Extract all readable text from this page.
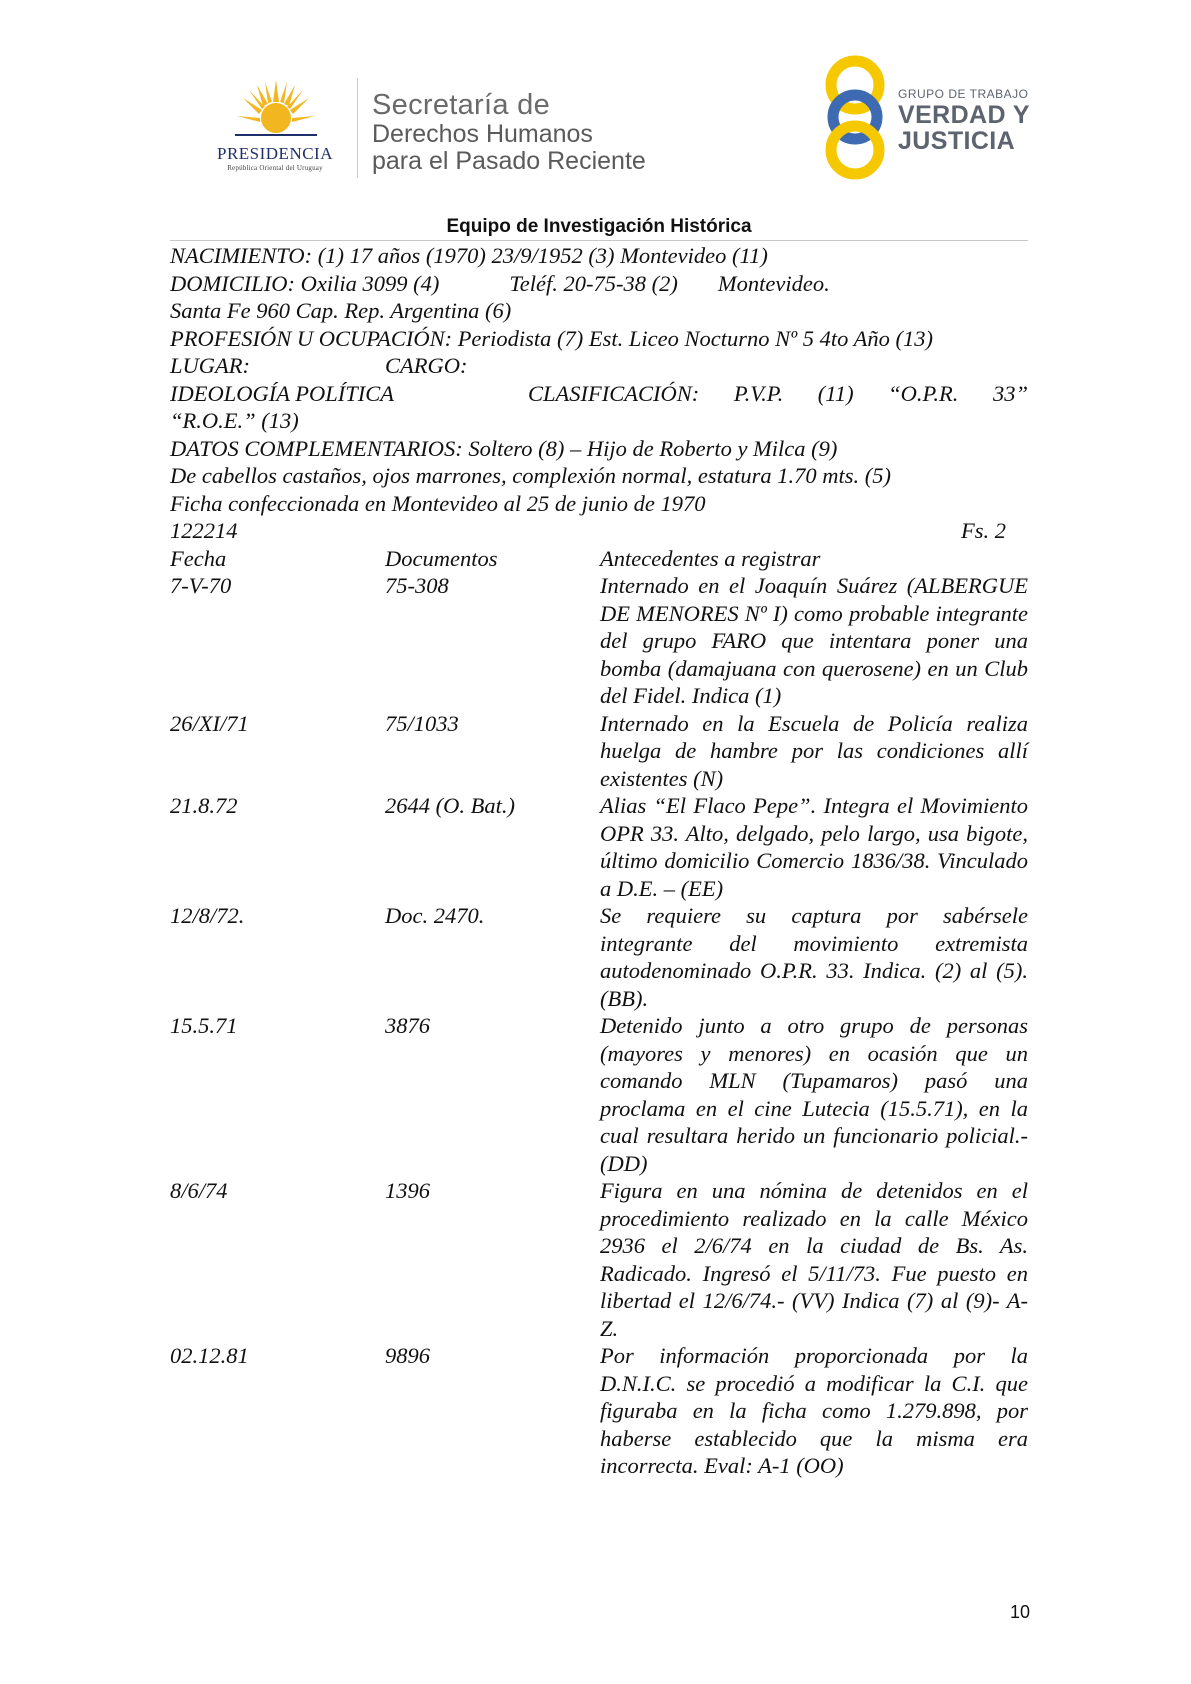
PRESIDENCIA
República Oriental del Uruguay
Secretaría de
Derechos Humanos
para el Pasado Reciente
GRUPO DE TRABAJO
VERDAD Y
JUSTICIA
Equipo de Investigación Histórica
NACIMIENTO: (1) 17 años (1970) 23/9/1952 (3) Montevideo (11)
DOMICILIO: Oxilia 3099 (4)	Teléf. 20-75-38 (2) Montevideo.
Santa Fe 960 Cap. Rep. Argentina (6)
PROFESIÓN U OCUPACIÓN: Periodista (7) Est. Liceo Nocturno Nº 5 4to Año (13)
LUGAR:	CARGO:
IDEOLOGÍA POLÍTICA	CLASIFICACIÓN: P.V.P. (11) “O.P.R. 33”
“R.O.E.” (13)
DATOS COMPLEMENTARIOS: Soltero (8) – Hijo de Roberto y Milca (9)
De cabellos castaños, ojos marrones, complexión normal, estatura 1.70 mts. (5)
Ficha confeccionada en Montevideo al 25 de junio de 1970
122214	Fs. 2
Fecha	Documentos	Antecedentes a registrar
7-V-70	75-308	Internado en el Joaquín Suárez (ALBERGUE DE MENORES Nº I) como probable integrante del grupo FARO que intentara poner una bomba (damajuana con querosene) en un Club del Fidel. Indica (1)
26/XI/71	75/1033	Internado en la Escuela de Policía realiza huelga de hambre por las condiciones allí existentes (N)
21.8.72	2644 (O. Bat.)	Alias “El Flaco Pepe”. Integra el Movimiento OPR 33. Alto, delgado, pelo largo, usa bigote, último domicilio Comercio 1836/38. Vinculado a D.E. – (EE)
12/8/72.	Doc. 2470.	Se requiere su captura por sabérsele integrante del movimiento extremista autodenominado O.P.R. 33. Indica. (2) al (5). (BB).
15.5.71	3876	Detenido junto a otro grupo de personas (mayores y menores) en ocasión que un comando MLN (Tupamaros) pasó una proclama en el cine Lutecia (15.5.71), en la cual resultara herido un funcionario policial.- (DD)
8/6/74	1396	Figura en una nómina de detenidos en el procedimiento realizado en la calle México 2936 el 2/6/74 en la ciudad de Bs. As. Radicado. Ingresó el 5/11/73. Fue puesto en libertad el 12/6/74.- (VV) Indica (7) al (9)- A-Z.
02.12.81	9896	Por información proporcionada por la D.N.I.C. se procedió a modificar la C.I. que figuraba en la ficha como 1.279.898, por haberse establecido que la misma era incorrecta. Eval: A-1 (OO)
10
